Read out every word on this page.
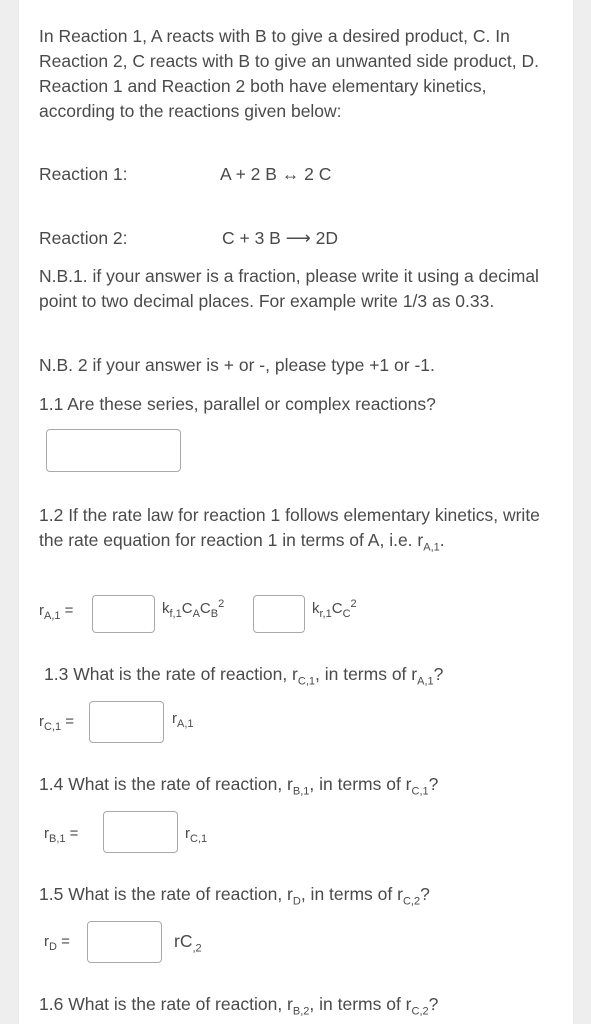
In Reaction 1, A reacts with B to give a desired product, C. In Reaction 2, C reacts with B to give an unwanted side product, D. Reaction 1 and Reaction 2 both have elementary kinetics, according to the reactions given below:
Reaction 1:	A + 2 B ↔ 2 C
Reaction 2:	C + 3 B ⟶ 2D
N.B.1. if your answer is a fraction, please write it using a decimal point to two decimal places. For example write 1/3 as 0.33.
N.B. 2 if your answer is + or -, please type +1 or -1.
1.1 Are these series, parallel or complex reactions?
1.2 If the rate law for reaction 1 follows elementary kinetics, write the rate equation for reaction 1 in terms of A, i.e. $r_{A,1}$.
$r_{A,1}$ =	$k_{f,1}C_AC_B^2$	$k_{r,1}C_C^2$
1.3 What is the rate of reaction, $r_{C,1}$, in terms of $r_{A,1}$?
$r_{C,1}$ =	$r_{A,1}$
1.4 What is the rate of reaction, $r_{B,1}$, in terms of $r_{C,1}$?
$r_{B,1}$ =	$r_{C,1}$
1.5 What is the rate of reaction, $r_D$, in terms of $r_{C,2}$?
$r_D$ =	$rC_{,2}$
1.6 What is the rate of reaction, $r_{B,2}$, in terms of $r_{C,2}$?
